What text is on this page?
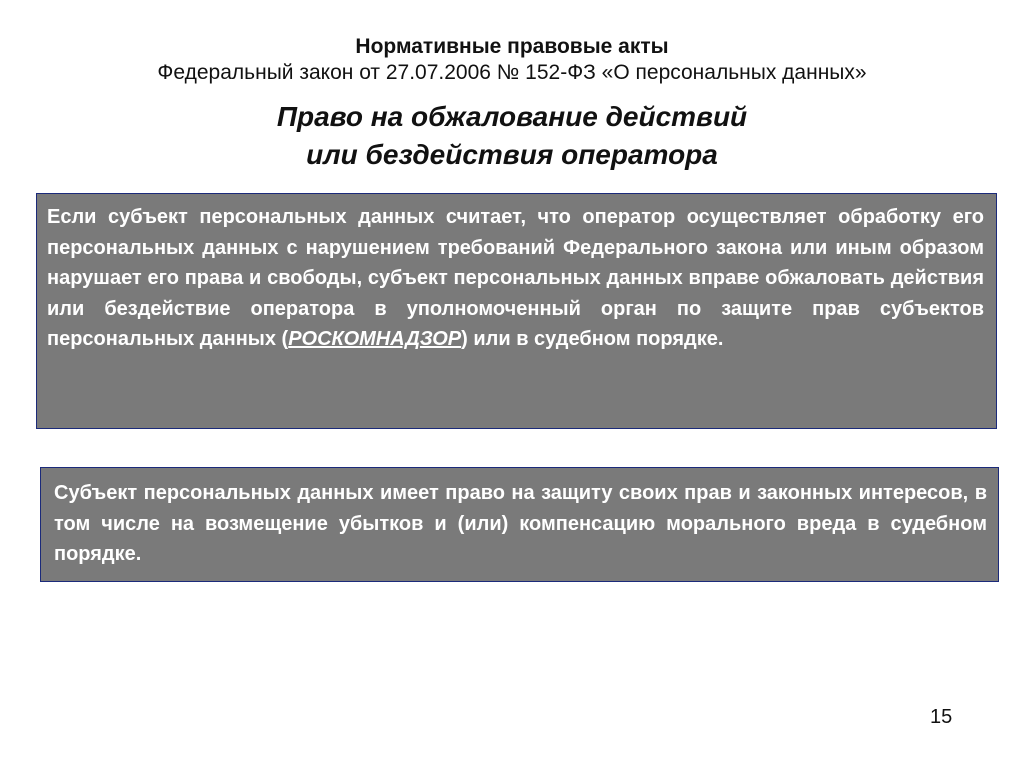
Нормативные правовые акты
Федеральный закон от 27.07.2006 № 152-ФЗ «О персональных данных»
Право на обжалование действий
или бездействия оператора
Если субъект персональных данных считает, что оператор осуществляет обработку его персональных данных с нарушением требований Федерального закона или иным образом нарушает его права и свободы, субъект персональных данных вправе обжаловать действия или бездействие оператора в уполномоченный орган по защите прав субъектов персональных данных (РОСКОМНАДЗОР) или в судебном порядке.
Субъект персональных данных имеет право на защиту своих прав и законных интересов, в том числе на возмещение убытков и (или) компенсацию морального вреда в судебном порядке.
15
